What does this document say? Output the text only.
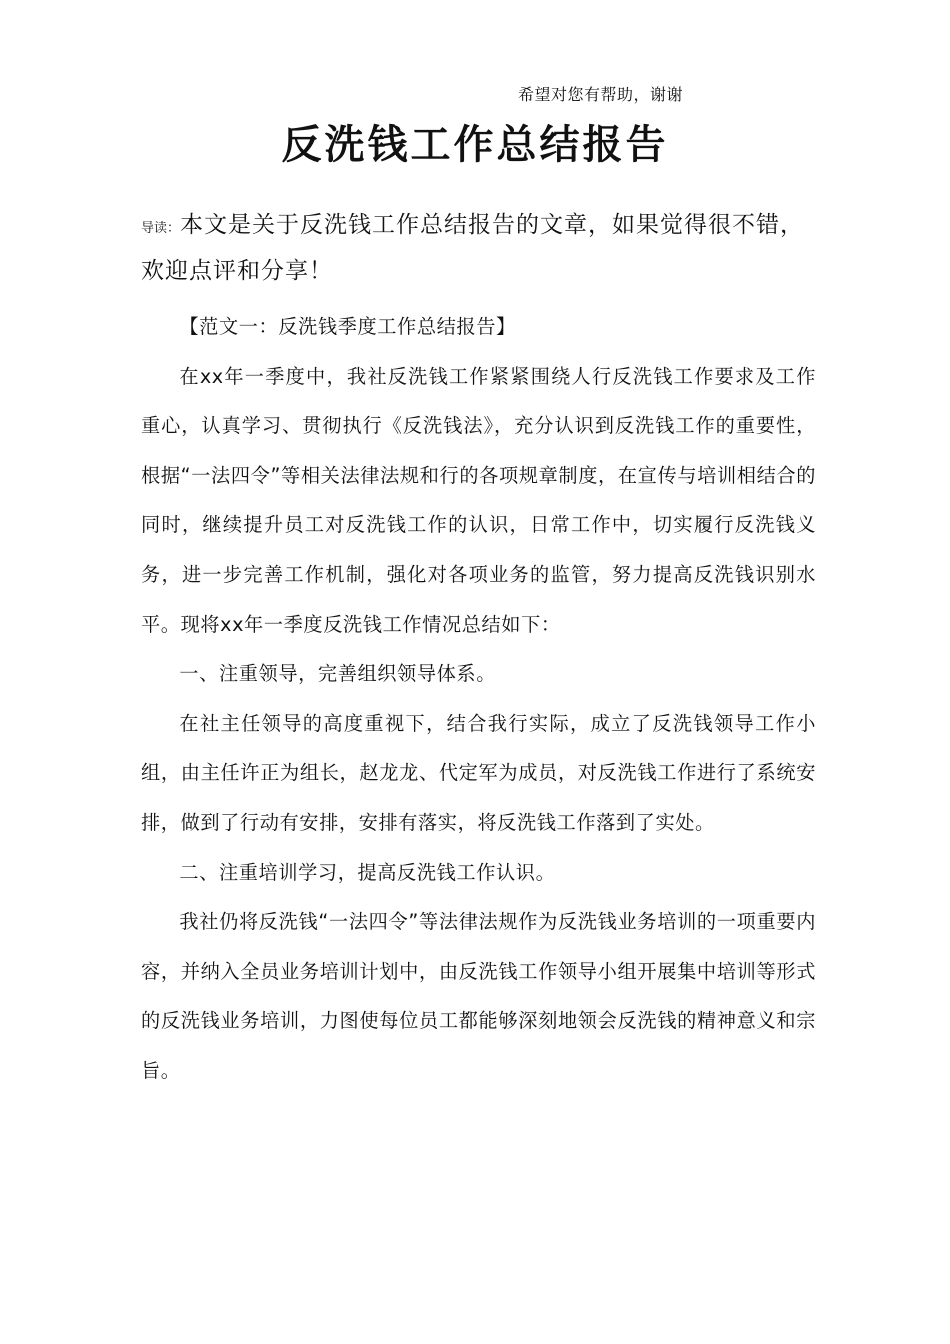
希望对您有帮助，谢谢
反洗钱工作总结报告
导读：本文是关于反洗钱工作总结报告的文章，如果觉得很不错，欢迎点评和分享！

【范文一：反洗钱季度工作总结报告】

在xx年一季度中，我社反洗钱工作紧紧围绕人行反洗钱工作要求及工作重心，认真学习、贯彻执行《反洗钱法》，充分认识到反洗钱工作的重要性，根据“一法四令”等相关法律法规和行的各项规章制度，在宣传与培训相结合的同时，继续提升员工对反洗钱工作的认识，日常工作中，切实履行反洗钱义务，进一步完善工作机制，强化对各项业务的监管，努力提高反洗钱识别水平。现将xx年一季度反洗钱工作情况总结如下：

一、注重领导，完善组织领导体系。

在社主任领导的高度重视下，结合我行实际，成立了反洗钱领导工作小组，由主任许正为组长，赵龙龙、代定军为成员，对反洗钱工作进行了系统安排，做到了行动有安排，安排有落实，将反洗钱工作落到了实处。

二、注重培训学习，提高反洗钱工作认识。

我社仍将反洗钱“一法四令”等法律法规作为反洗钱业务培训的一项重要内容，并纳入全员业务培训计划中，由反洗钱工作领导小组开展集中培训等形式的反洗钱业务培训，力图使每位员工都能够深刻地领会反洗钱的精神意义和宗旨。
